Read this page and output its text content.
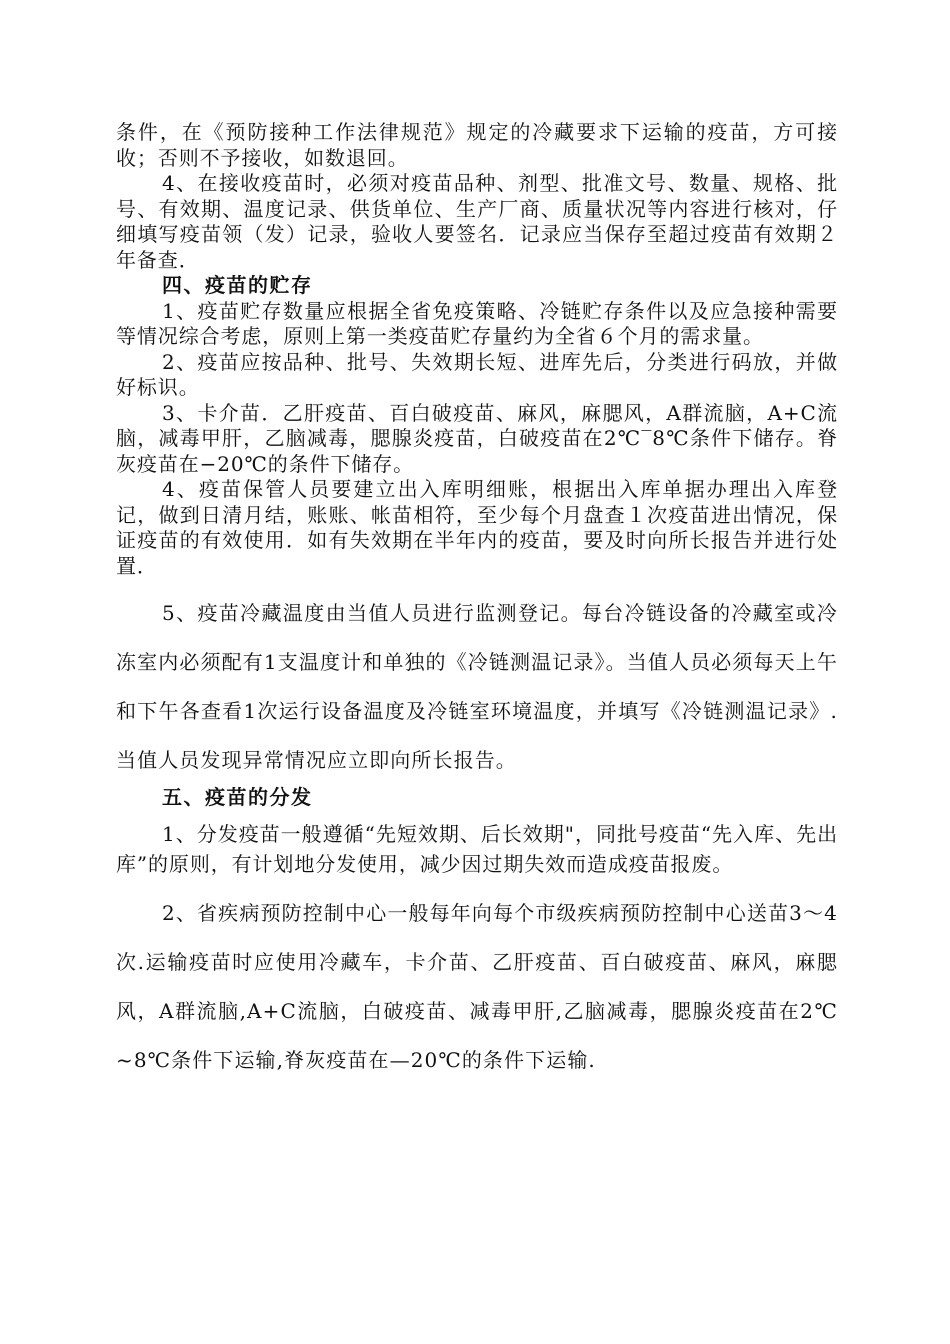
条件，在《预防接种工作法律规范》规定的冷藏要求下运输的疫苗，方可接收；否则不予接收，如数退回。

4、在接收疫苗时，必须对疫苗品种、剂型、批准文号、数量、规格、批号、有效期、温度记录、供货单位、生产厂商、质量状况等内容进行核对，仔细填写疫苗领（发）记录，验收人要签名．记录应当保存至超过疫苗有效期２年备查．

四、疫苗的贮存

1、疫苗贮存数量应根据全省免疫策略、冷链贮存条件以及应急接种需要等情况综合考虑，原则上第一类疫苗贮存量约为全省６个月的需求量。

2、疫苗应按品种、批号、失效期长短、进库先后，分类进行码放，并做好标识。

3、卡介苗．乙肝疫苗、百白破疫苗、麻风，麻腮风，A群流脑，A+C流脑，减毒甲肝，乙脑减毒，腮腺炎疫苗，白破疫苗在2℃‾8℃条件下储存。脊灰疫苗在−20℃的条件下储存。

4、疫苗保管人员要建立出入库明细账，根据出入库单据办理出入库登记，做到日清月结，账账、帐苗相符，至少每个月盘查１次疫苗进出情况，保证疫苗的有效使用．如有失效期在半年内的疫苗，要及时向所长报告并进行处置．

5、疫苗冷藏温度由当值人员进行监测登记。每台冷链设备的冷藏室或冷冻室内必须配有1支温度计和单独的《冷链测温记录》。当值人员必须每天上午和下午各查看1次运行设备温度及冷链室环境温度，并填写《冷链测温记录》.当值人员发现异常情况应立即向所长报告。

五、疫苗的分发

1、分发疫苗一般遵循“先短效期、后长效期"，同批号疫苗“先入库、先出库”的原则，有计划地分发使用，减少因过期失效而造成疫苗报废。

2、省疾病预防控制中心一般每年向每个市级疾病预防控制中心送苗3～4次.运输疫苗时应使用冷藏车，卡介苗、乙肝疫苗、百白破疫苗、麻风，麻腮风，A群流脑,A+C流脑，白破疫苗、减毒甲肝,乙脑减毒，腮腺炎疫苗在2℃~8℃条件下运输,脊灰疫苗在—20℃的条件下运输.
